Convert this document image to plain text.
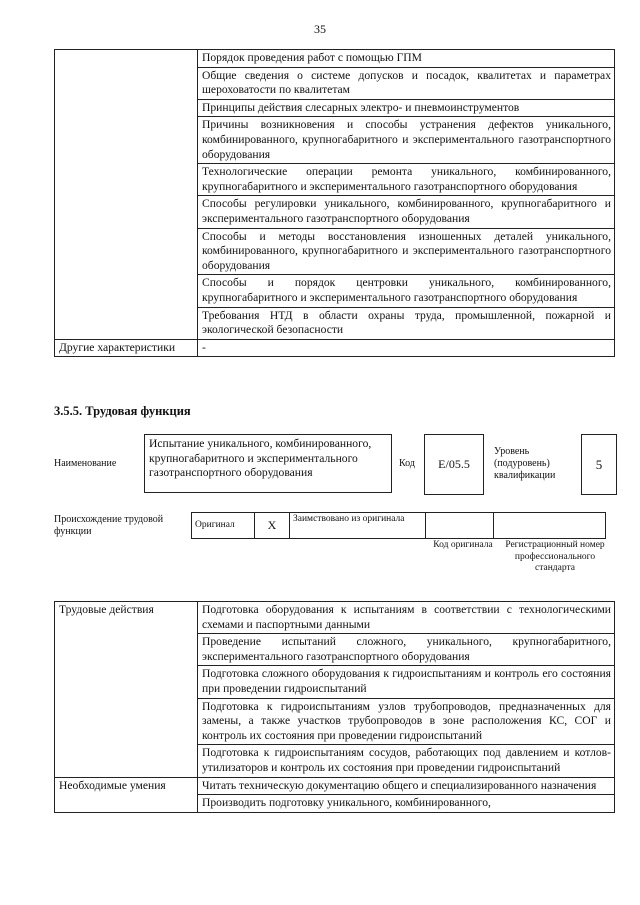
35
	Порядок проведения работ с помощью ГПМ
	Общие сведения о системе допусков и посадок, квалитетах и параметрах шероховатости по квалитетам
	Принципы действия слесарных электро- и пневмоинструментов
	Причины возникновения и способы устранения дефектов уникального, комбинированного, крупногабаритного и экспериментального газотранспортного оборудования
	Технологические операции ремонта уникального, комбинированного, крупногабаритного и экспериментального газотранспортного оборудования
	Способы регулировки уникального, комбинированного, крупногабаритного и экспериментального газотранспортного оборудования
	Способы и методы восстановления изношенных деталей уникального, комбинированного, крупногабаритного и экспериментального газотранспортного оборудования
	Способы и порядок центровки уникального, комбинированного, крупногабаритного и экспериментального газотранспортного оборудования
	Требования НТД в области охраны труда, промышленной, пожарной и экологической безопасности
Другие характеристики	-
3.5.5. Трудовая функция
Наименование
Испытание уникального, комбинированного, крупногабаритного и экспериментального газотранспортного оборудования
Код	E/05.5
Уровень (подуровень) квалификации
5
Происхождение трудовой функции
Оригинал	X	Заимствовано из оригинала		
Код оригинала	Регистрационный номер профессионального стандарта
Трудовые действия	Подготовка оборудования к испытаниям в соответствии с технологическими схемами и паспортными данными
	Проведение испытаний сложного, уникального, крупногабаритного, экспериментального газотранспортного оборудования
	Подготовка сложного оборудования к гидроиспытаниям и контроль его состояния при проведении гидроиспытаний
	Подготовка к гидроиспытаниям узлов трубопроводов, предназначенных для замены, а также участков трубопроводов в зоне расположения КС, СОГ и контроль их состояния при проведении гидроиспытаний
	Подготовка к гидроиспытаниям сосудов, работающих под давлением и котлов-утилизаторов и контроль их состояния при проведении гидроиспытаний
Необходимые умения	Читать техническую документацию общего и специализированного назначения
	Производить подготовку уникального, комбинированного,
